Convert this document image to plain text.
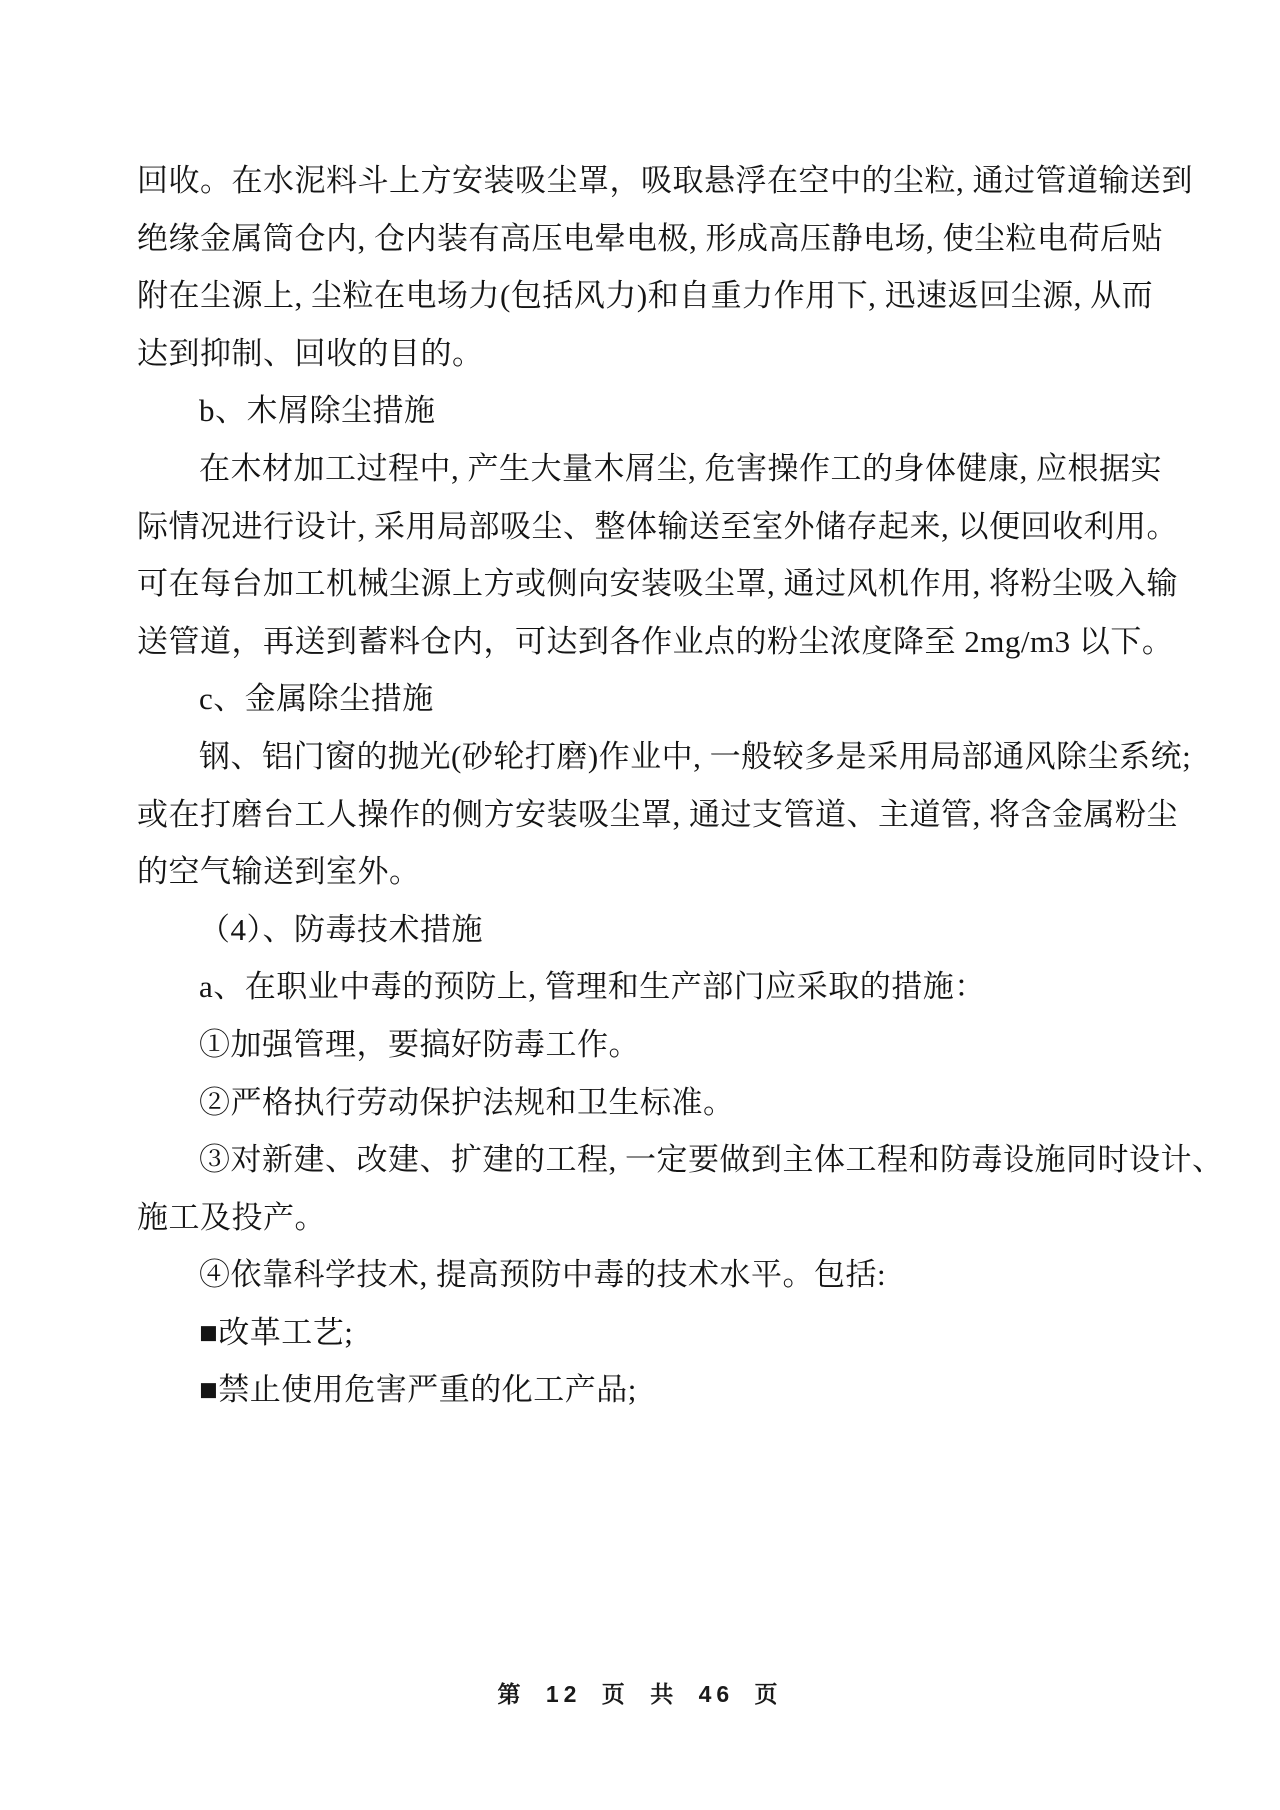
回收。在水泥料斗上方安装吸尘罩，吸取悬浮在空中的尘粒, 通过管道输送到
绝缘金属筒仓内, 仓内装有高压电晕电极, 形成高压静电场, 使尘粒电荷后贴
附在尘源上, 尘粒在电场力(包括风力)和自重力作用下, 迅速返回尘源, 从而
达到抑制、回收的目的。
b、木屑除尘措施
在木材加工过程中, 产生大量木屑尘, 危害操作工的身体健康, 应根据实
际情况进行设计, 采用局部吸尘、整体输送至室外储存起来, 以便回收利用。
可在每台加工机械尘源上方或侧向安装吸尘罩, 通过风机作用, 将粉尘吸入输
送管道，再送到蓄料仓内，可达到各作业点的粉尘浓度降至 2mg/m3 以下。
c、金属除尘措施
钢、铝门窗的抛光(砂轮打磨)作业中, 一般较多是采用局部通风除尘系统;
或在打磨台工人操作的侧方安装吸尘罩, 通过支管道、主道管, 将含金属粉尘
的空气输送到室外。
（4）、防毒技术措施
a、在职业中毒的预防上, 管理和生产部门应采取的措施：
①加强管理，要搞好防毒工作。
②严格执行劳动保护法规和卫生标准。
③对新建、改建、扩建的工程, 一定要做到主体工程和防毒设施同时设计、
施工及投产。
④依靠科学技术, 提高预防中毒的技术水平。包括:
■改革工艺;
■禁止使用危害严重的化工产品;
第 12 页 共 46 页
